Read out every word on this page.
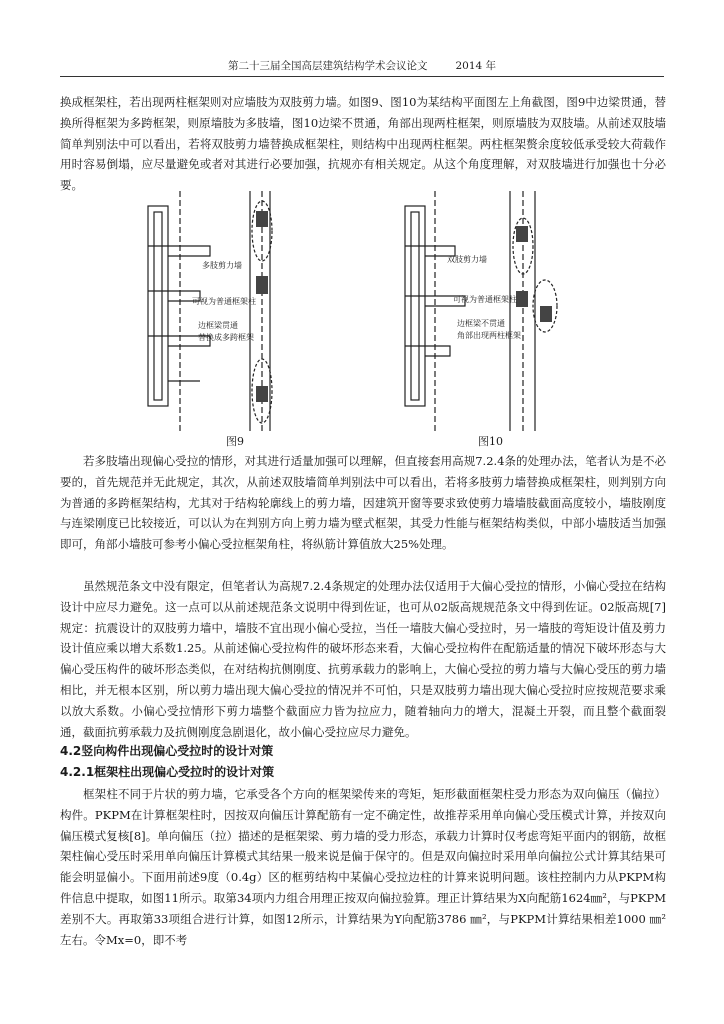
第二十三届全国高层建筑结构学术会议论文	2014 年

换成框架柱，若出现两柱框架则对应墙肢为双肢剪力墙。如图9、图10为某结构平面图左上角截图，图9中边梁贯通，替换所得框架为多跨框架，则原墙肢为多肢墙，图10边梁不贯通，角部出现两柱框架，则原墙肢为双肢墙。从前述双肢墙简单判别法中可以看出，若将双肢剪力墙替换成框架柱，则结构中出现两柱框架。两柱框架赘余度较低承受较大荷载作用时容易倒塌，应尽量避免或者对其进行必要加强，抗规亦有相关规定。从这个角度理解，对双肢墙进行加强也十分必要。

多肢剪力墙
可视为普通框架柱
边框梁贯通
替换成多跨框架
图9
双肢剪力墙
可视为普通框架柱
边框梁不贯通
角部出现两柱框架
图10

若多肢墙出现偏心受拉的情形，对其进行适量加强可以理解，但直接套用高规7.2.4条的处理办法，笔者认为是不必要的，首先规范并无此规定，其次，从前述双肢墙简单判别法中可以看出，若将多肢剪力墙替换成框架柱，则判别方向为普通的多跨框架结构，尤其对于结构轮廓线上的剪力墙，因建筑开窗等要求致使剪力墙墙肢截面高度较小，墙肢刚度与连梁刚度已比较接近，可以认为在判别方向上剪力墙为壁式框架，其受力性能与框架结构类似，中部小墙肢适当加强即可，角部小墙肢可参考小偏心受拉框架角柱，将纵筋计算值放大25%处理。

虽然规范条文中没有限定，但笔者认为高规7.2.4条规定的处理办法仅适用于大偏心受拉的情形，小偏心受拉在结构设计中应尽力避免。这一点可以从前述规范条文说明中得到佐证，也可从02版高规规范条文中得到佐证。02版高规[7]规定：抗震设计的双肢剪力墙中，墙肢不宜出现小偏心受拉，当任一墙肢大偏心受拉时，另一墙肢的弯矩设计值及剪力设计值应乘以增大系数1.25。从前述偏心受拉构件的破坏形态来看，大偏心受拉构件在配筋适量的情况下破坏形态与大偏心受压构件的破坏形态类似，在对结构抗侧刚度、抗剪承载力的影响上，大偏心受拉的剪力墙与大偏心受压的剪力墙相比，并无根本区别，所以剪力墙出现大偏心受拉的情况并不可怕，只是双肢剪力墙出现大偏心受拉时应按规范要求乘以放大系数。小偏心受拉情形下剪力墙整个截面应力皆为拉应力，随着轴向力的增大，混凝土开裂，而且整个截面裂通，截面抗剪承载力及抗侧刚度急剧退化，故小偏心受拉应尽力避免。

4.2竖向构件出现偏心受拉时的设计对策
4.2.1框架柱出现偏心受拉时的设计对策

框架柱不同于片状的剪力墙，它承受各个方向的框架梁传来的弯矩，矩形截面框架柱受力形态为双向偏压（偏拉）构件。PKPM在计算框架柱时，因按双向偏压计算配筋有一定不确定性，故推荐采用单向偏心受压模式计算，并按双向偏压模式复核[8]。单向偏压（拉）描述的是框架梁、剪力墙的受力形态，承载力计算时仅考虑弯矩平面内的钢筋，故框架柱偏心受压时采用单向偏压计算模式其结果一般来说是偏于保守的。但是双向偏拉时采用单向偏拉公式计算其结果可能会明显偏小。下面用前述9度（0.4g）区的框剪结构中某偏心受拉边柱的计算来说明问题。该柱控制内力从PKPM构件信息中提取，如图11所示。取第34项内力组合用理正按双向偏拉验算。理正计算结果为X向配筋1624㎜²，与PKPM差别不大。再取第33项组合进行计算，如图12所示，计算结果为Y向配筋3786 ㎜²，与PKPM计算结果相差1000 ㎜²左右。令Mx=0，即不考
